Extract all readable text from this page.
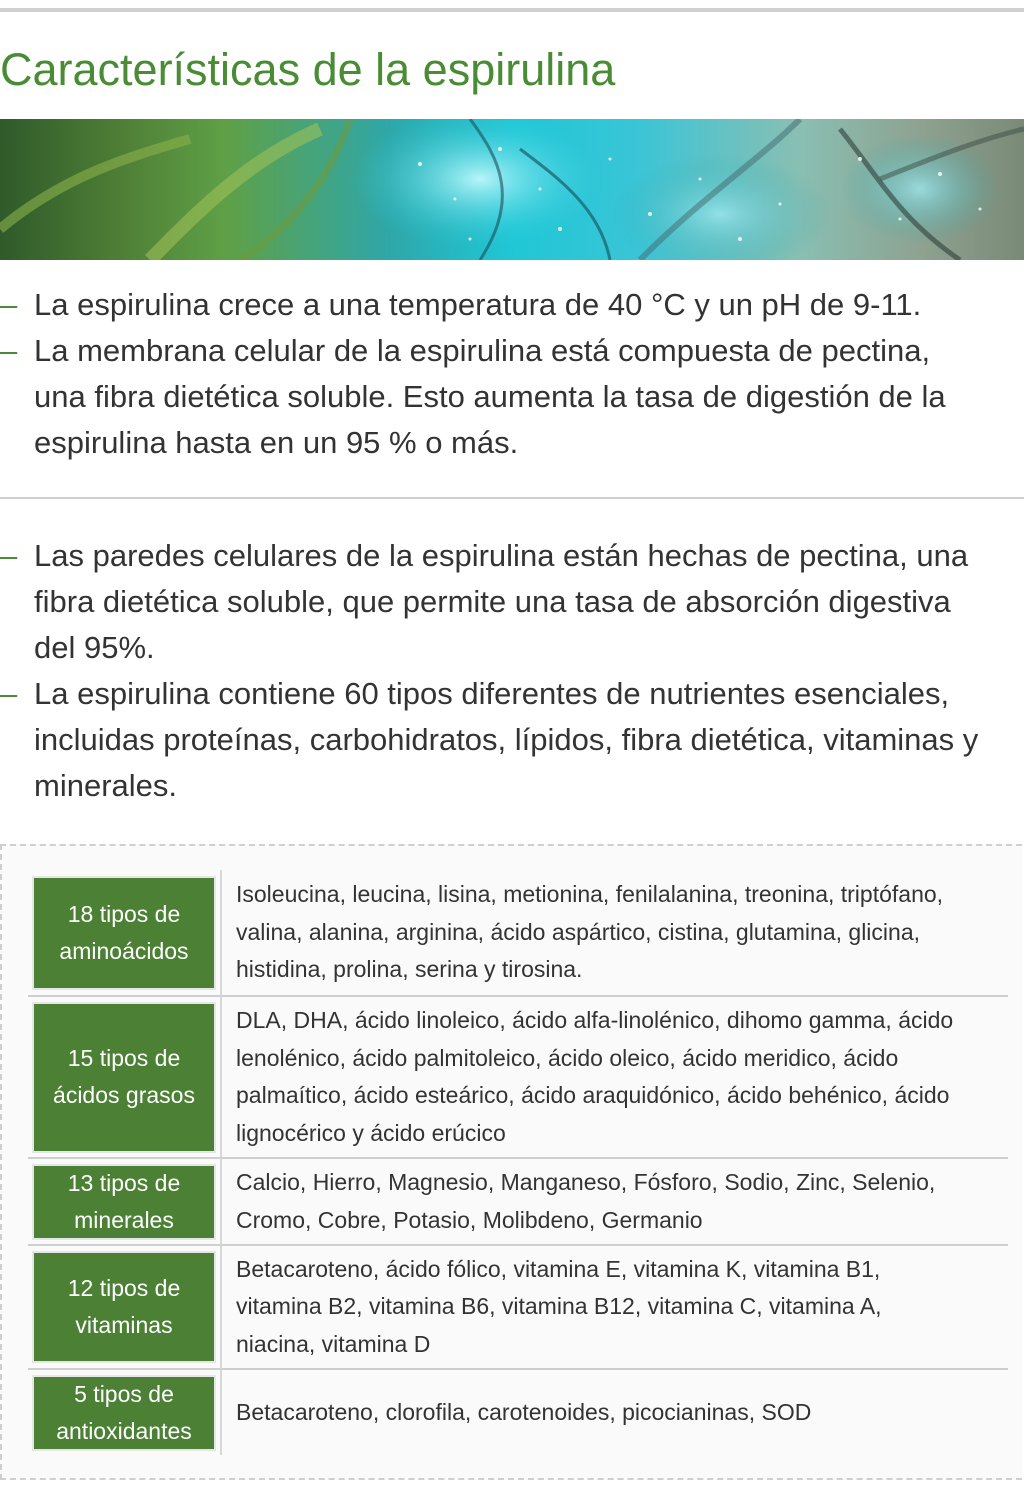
Características de la espirulina
– La espirulina crece a una temperatura de 40 °C y un pH de 9-11.
– La membrana celular de la espirulina está compuesta de pectina,
una fibra dietética soluble. Esto aumenta la tasa de digestión de la
espirulina hasta en un 95 % o más.
– Las paredes celulares de la espirulina están hechas de pectina, una
fibra dietética soluble, que permite una tasa de absorción digestiva
del 95%.
– La espirulina contiene 60 tipos diferentes de nutrientes esenciales,
incluidas proteínas, carbohidratos, lípidos, fibra dietética, vitaminas y
minerales.
18 tipos de
aminoácidos	Isoleucina, leucina, lisina, metionina, fenilalanina, treonina, triptófano,
valina, alanina, arginina, ácido aspártico, cistina, glutamina, glicina,
histidina, prolina, serina y tirosina.

15 tipos de
ácidos grasos	DLA, DHA, ácido linoleico, ácido alfa-linolénico, dihomo gamma, ácido
lenolénico, ácido palmitoleico, ácido oleico, ácido meridico, ácido
palmaítico, ácido esteárico, ácido araquidónico, ácido behénico, ácido
lignocérico y ácido erúcico

13 tipos de
minerales	Calcio, Hierro, Magnesio, Manganeso, Fósforo, Sodio, Zinc, Selenio,
Cromo, Cobre, Potasio, Molibdeno, Germanio

12 tipos de
vitaminas	Betacaroteno, ácido fólico, vitamina E, vitamina K, vitamina B1,
vitamina B2, vitamina B6, vitamina B12, vitamina C, vitamina A,
niacina, vitamina D

5 tipos de
antioxidantes	Betacaroteno, clorofila, carotenoides, picocianinas, SOD
